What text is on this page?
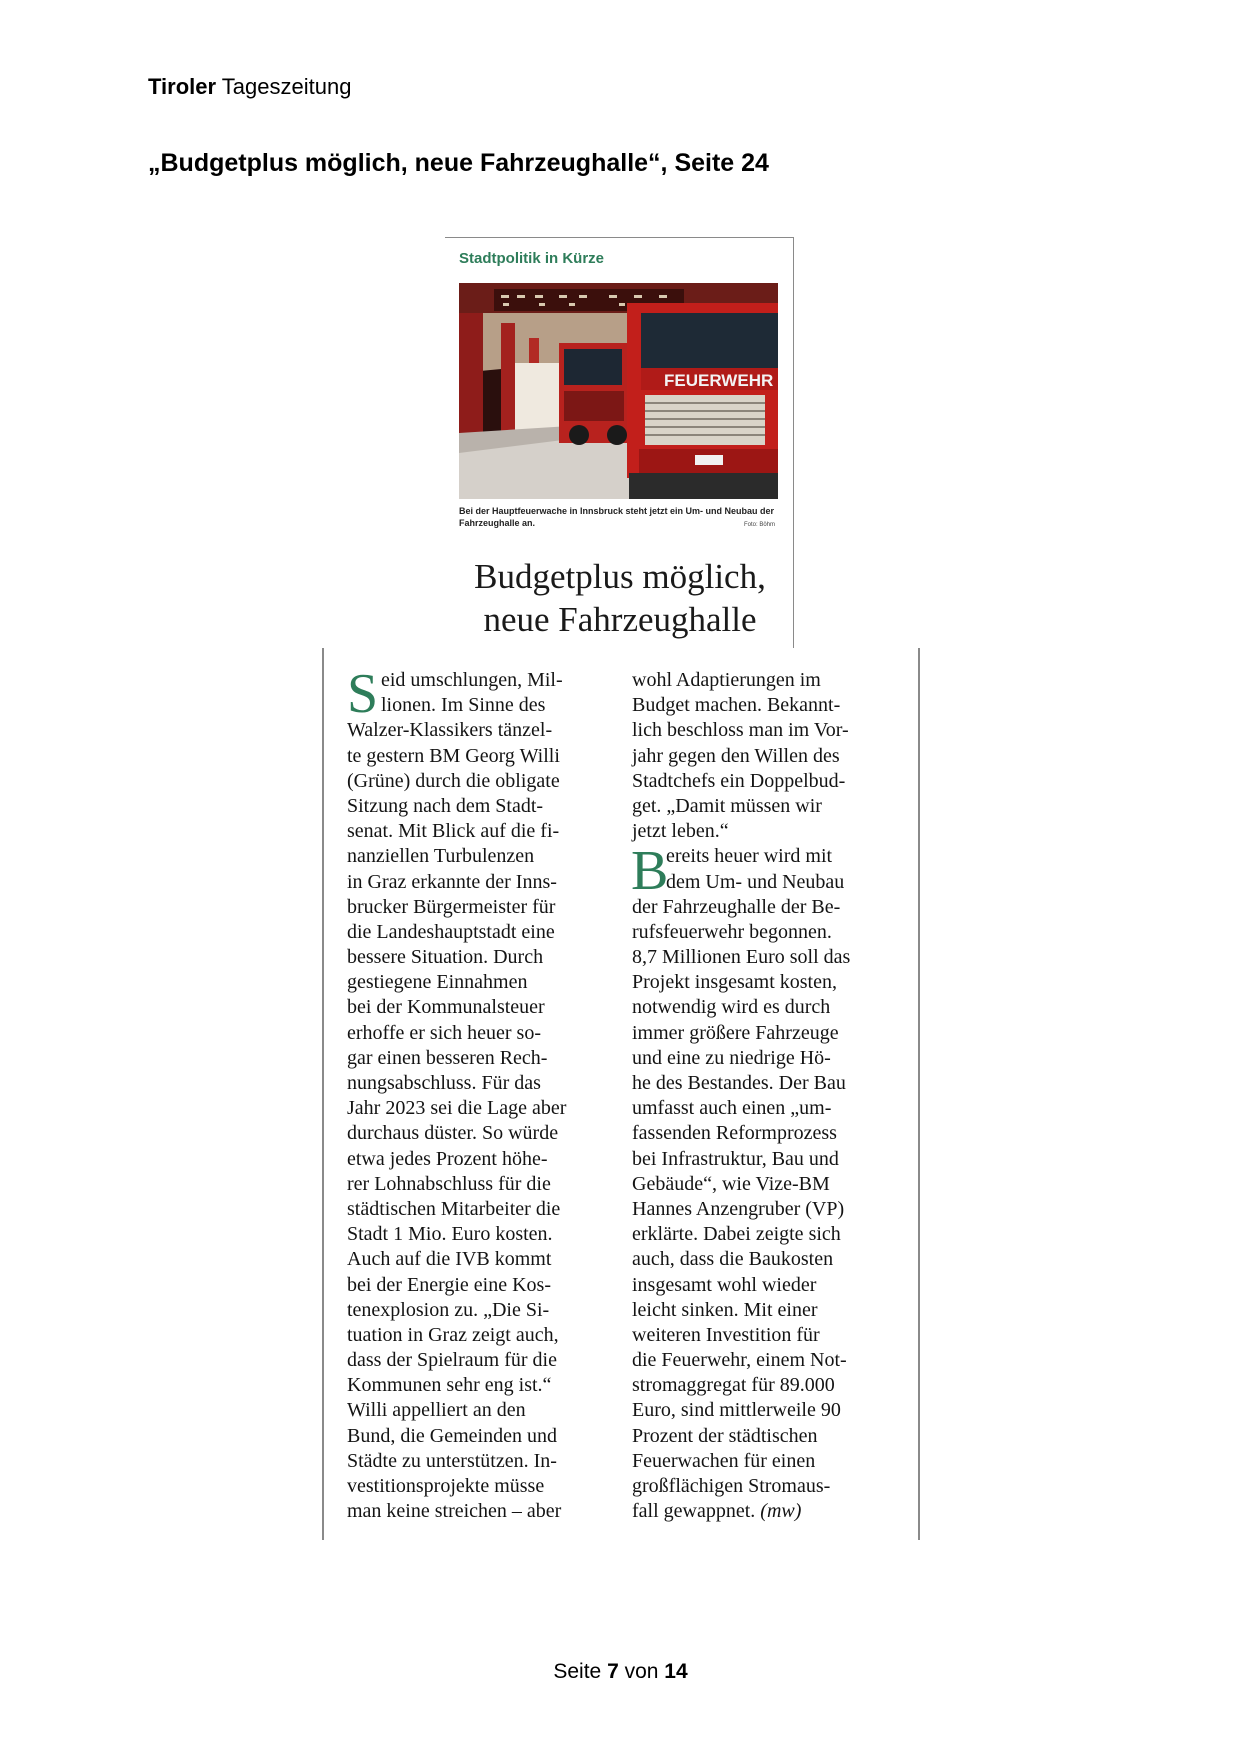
Tiroler Tageszeitung
„Budgetplus möglich, neue Fahrzeughalle“, Seite 24
Stadtpolitik in Kürze
FEUERWEHR
Bei der Hauptfeuerwache in Innsbruck steht jetzt ein Um- und Neubau der Fahrzeughalle an.	Foto: Böhm
Budgetplus möglich,
neue Fahrzeughalle
S eid umschlungen, Mil-
lionen. Im Sinne des
Walzer-Klassikers tänzel-
te gestern BM Georg Willi
(Grüne) durch die obligate
Sitzung nach dem Stadt-
senat. Mit Blick auf die fi-
nanziellen Turbulenzen
in Graz erkannte der Inns-
brucker Bürgermeister für
die Landeshauptstadt eine
bessere Situation. Durch
gestiegene Einnahmen
bei der Kommunalsteuer
erhoffe er sich heuer so-
gar einen besseren Rech-
nungsabschluss. Für das
Jahr 2023 sei die Lage aber
durchaus düster. So würde
etwa jedes Prozent höhe-
rer Lohnabschluss für die
städtischen Mitarbeiter die
Stadt 1 Mio. Euro kosten.
Auch auf die IVB kommt
bei der Energie eine Kos-
tenexplosion zu. „Die Si-
tuation in Graz zeigt auch,
dass der Spielraum für die
Kommunen sehr eng ist.“
Willi appelliert an den
Bund, die Gemeinden und
Städte zu unterstützen. In-
vestitionsprojekte müsse
man keine streichen – aber
B
wohl Adaptierungen im
Budget machen. Bekannt-
lich beschloss man im Vor-
jahr gegen den Willen des
Stadtchefs ein Doppelbud-
get. „Damit müssen wir
jetzt leben.“
ereits heuer wird mit
dem Um- und Neubau
der Fahrzeughalle der Be-
rufsfeuerwehr begonnen.
8,7 Millionen Euro soll das
Projekt insgesamt kosten,
notwendig wird es durch
immer größere Fahrzeuge
und eine zu niedrige Hö-
he des Bestandes. Der Bau
umfasst auch einen „um-
fassenden Reformprozess
bei Infrastruktur, Bau und
Gebäude“, wie Vize-BM
Hannes Anzengruber (VP)
erklärte. Dabei zeigte sich
auch, dass die Baukosten
insgesamt wohl wieder
leicht sinken. Mit einer
weiteren Investition für
die Feuerwehr, einem Not-
stromaggregat für 89.000
Euro, sind mittlerweile 90
Prozent der städtischen
Feuerwachen für einen
großflächigen Stromaus-
fall gewappnet. (mw)
Seite 7 von 14
